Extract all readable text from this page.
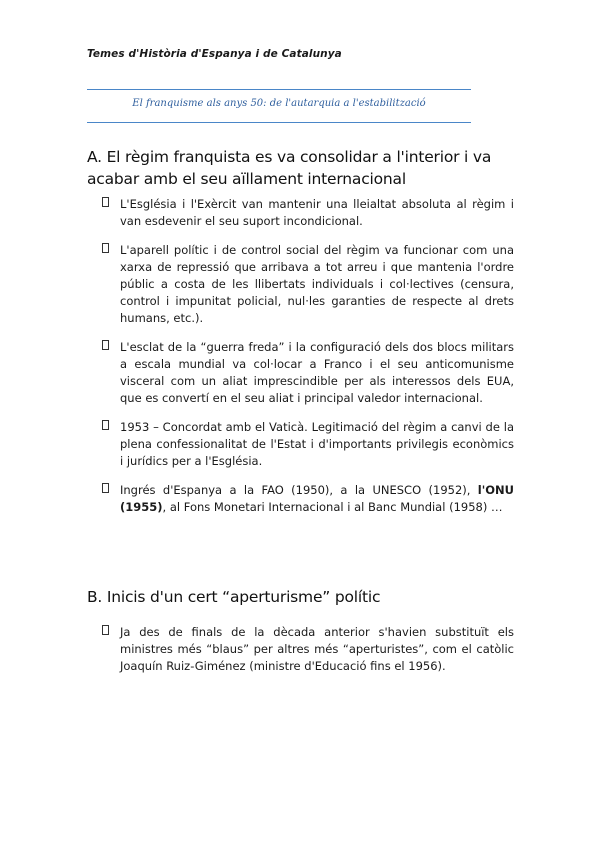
Temes d'Història d'Espanya i de Catalunya
El franquisme als anys 50: de l'autarquia a l'estabilització
A. El règim franquista es va consolidar a l'interior i va acabar amb el seu aïllament internacional
L'Església i l'Exèrcit van mantenir una lleialtat absoluta al règim i van esdevenir el seu suport incondicional.
L'aparell polític i de control social del règim va funcionar com una xarxa de repressió que arribava a tot arreu i que mantenia l'ordre públic a costa de les llibertats individuals i col·lectives (censura, control i impunitat policial, nul·les garanties de respecte al drets humans, etc.).
L'esclat de la “guerra freda” i la configuració dels dos blocs militars a escala mundial va col·locar a Franco i el seu anticomunisme visceral com un aliat imprescindible per als interessos dels EUA, que es convertí en el seu aliat i principal valedor internacional.
1953 – Concordat amb el Vaticà. Legitimació del règim a canvi de la plena confessionalitat de l'Estat i d'importants privilegis econòmics i jurídics per a l'Església.
Ingrés d'Espanya a la FAO (1950), a la UNESCO (1952), l'ONU (1955), al Fons Monetari Internacional i al Banc Mundial (1958) …
B. Inicis d'un cert “aperturisme” polític
Ja des de finals de la dècada anterior s'havien substituït els ministres més “blaus” per altres més “aperturistes”, com el catòlic Joaquín Ruiz-Giménez (ministre d'Educació fins el 1956).
